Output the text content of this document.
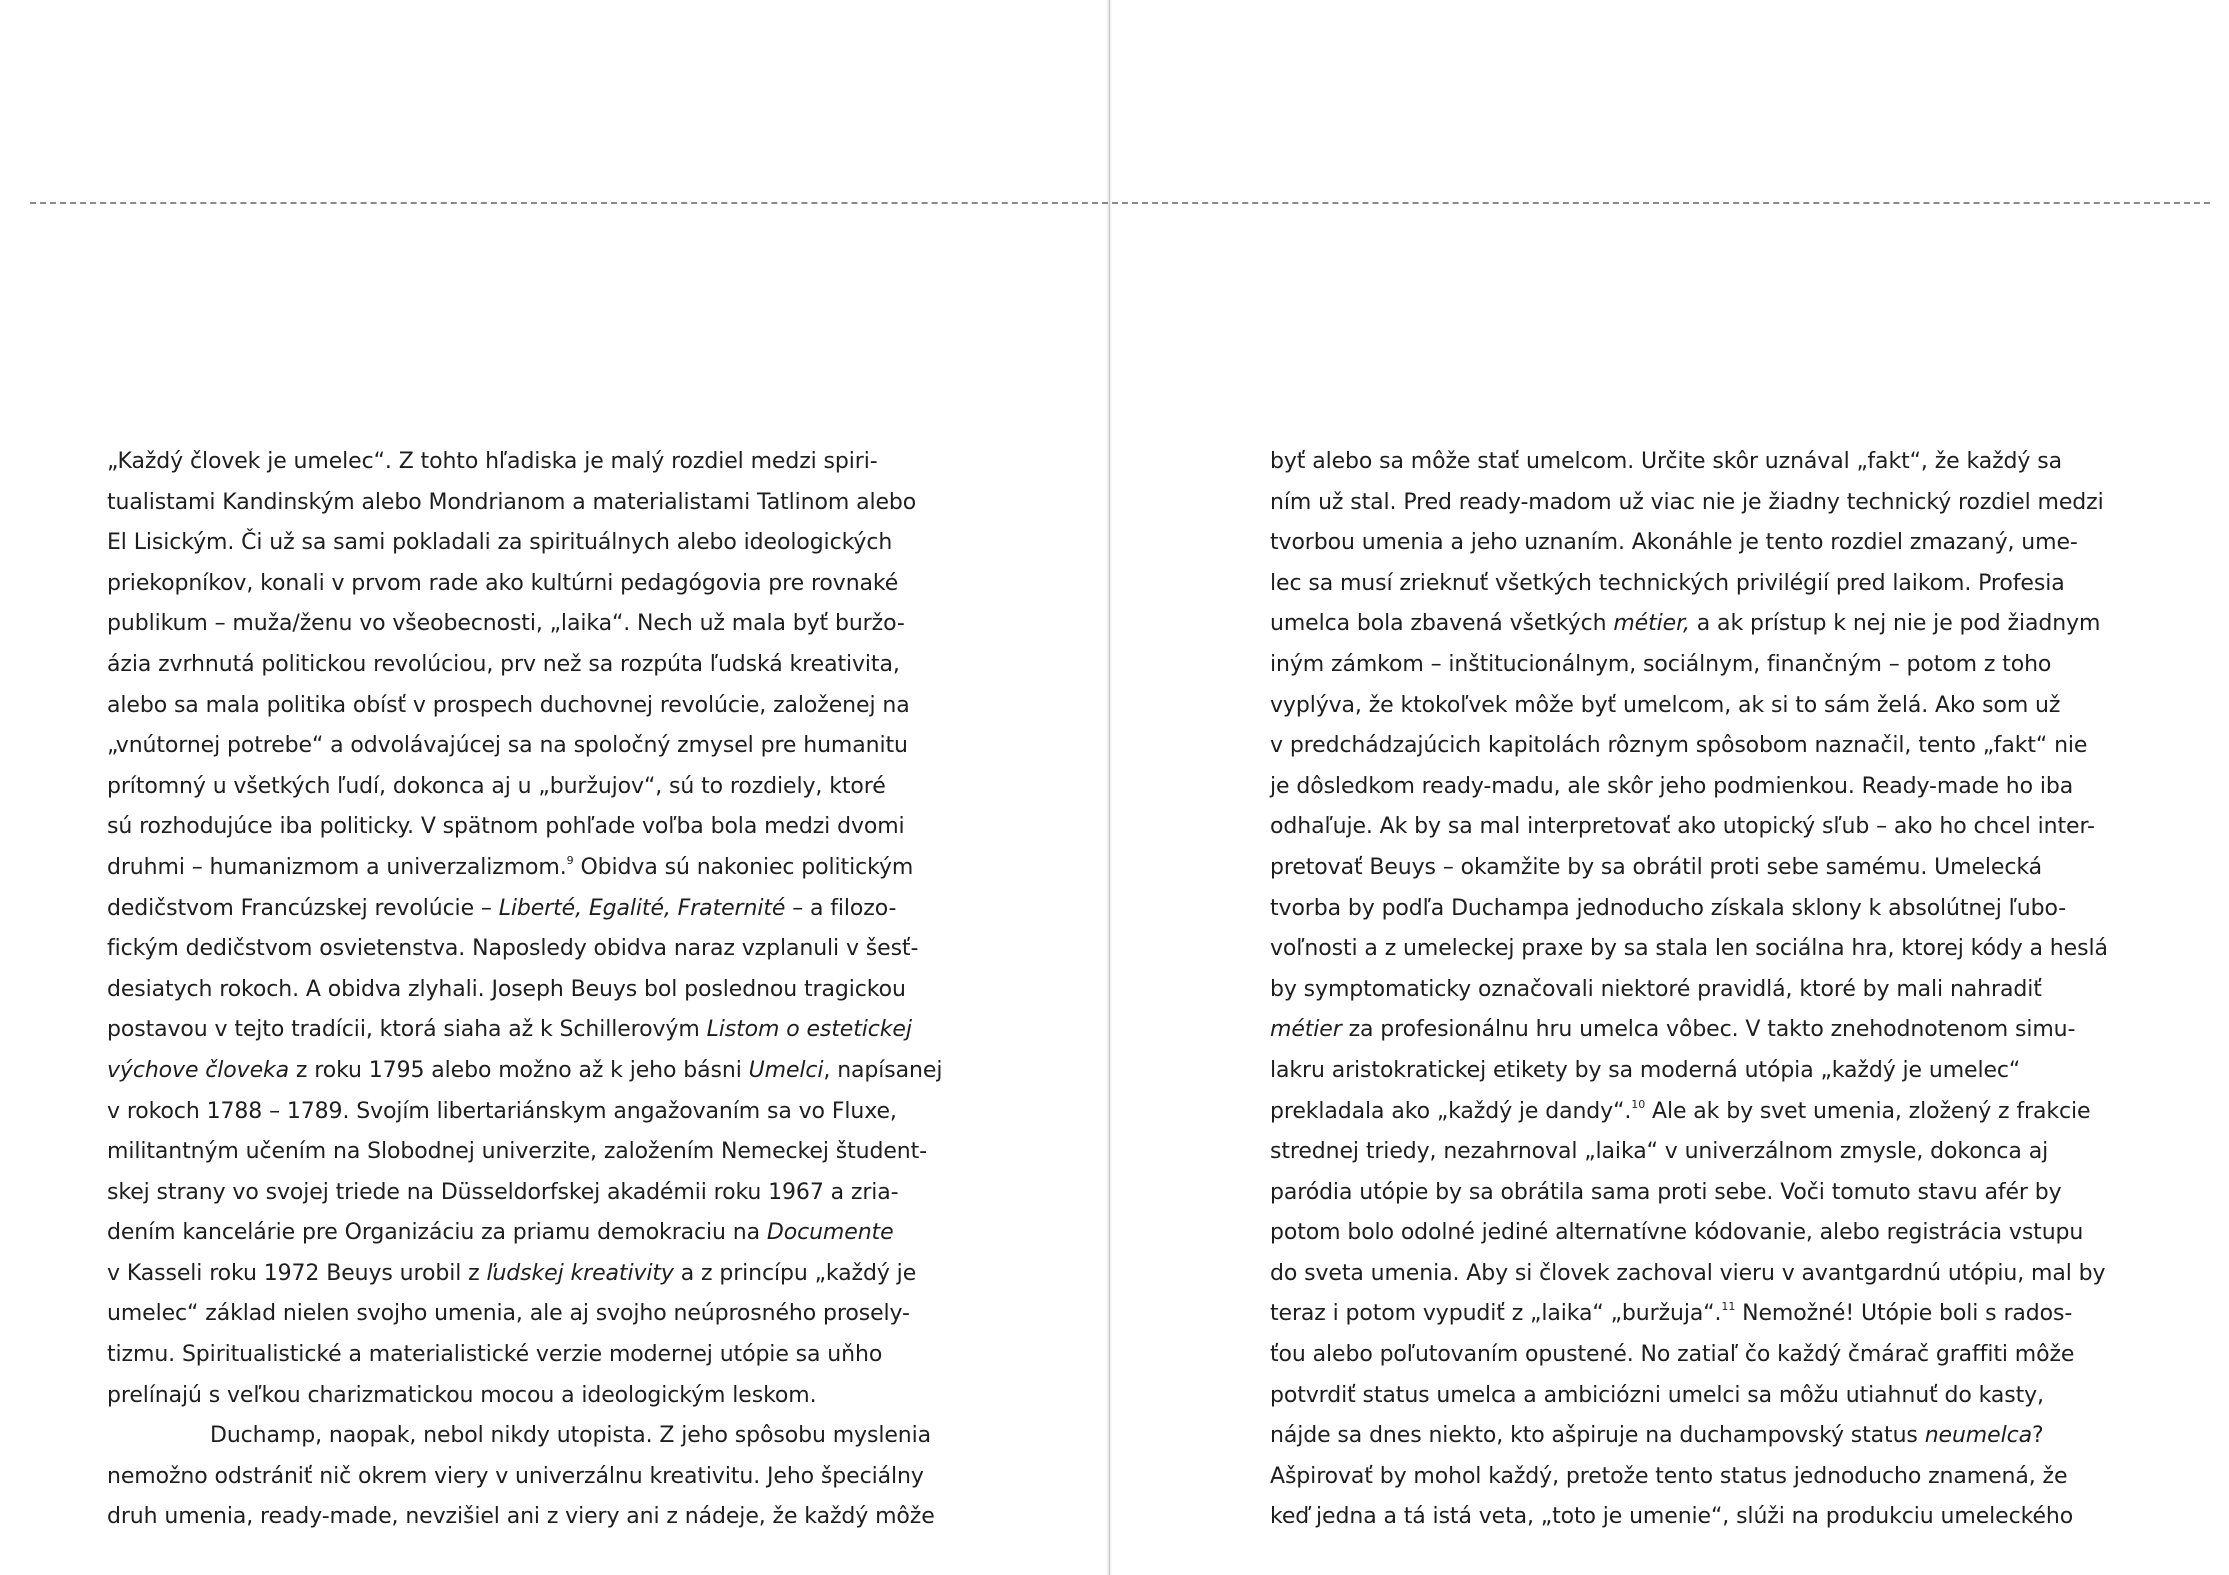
„Každý človek je umelec“. Z tohto hľadiska je malý rozdiel medzi spiri-
tualistami Kandinským alebo Mondrianom a materialistami Tatlinom alebo
El Lisickým. Či už sa sami pokladali za spirituálnych alebo ideologických
priekopníkov, konali v prvom rade ako kultúrni pedagógovia pre rovnaké
publikum – muža/ženu vo všeobecnosti, „laika“. Nech už mala byť buržo-
ázia zvrhnutá politickou revolúciou, prv než sa rozpúta ľudská kreativita,
alebo sa mala politika obísť v prospech duchovnej revolúcie, založenej na
„vnútornej potrebe“ a odvolávajúcej sa na spoločný zmysel pre humanitu
prítomný u všetkých ľudí, dokonca aj u „buržujov“, sú to rozdiely, ktoré
sú rozhodujúce iba politicky. V spätnom pohľade voľba bola medzi dvomi
druhmi – humanizmom a univerzalizmom.$^9$ Obidva sú nakoniec politickým
dedičstvom Francúzskej revolúcie – Liberté, Egalité, Fraternité – a filozo-
fickým dedičstvom osvietenstva. Naposledy obidva naraz vzplanuli v šesť-
desiatych rokoch. A obidva zlyhali. Joseph Beuys bol poslednou tragickou
postavou v tejto tradícii, ktorá siaha až k Schillerovým Listom o estetickej
výchove človeka z roku 1795 alebo možno až k jeho básni Umelci, napísanej
v rokoch 1788 – 1789. Svojím libertariánskym angažovaním sa vo Fluxe,
militantným učením na Slobodnej univerzite, založením Nemeckej študent-
skej strany vo svojej triede na Düsseldorfskej akadémii roku 1967 a zria-
dením kancelárie pre Organizáciu za priamu demokraciu na Documente
v Kasseli roku 1972 Beuys urobil z ľudskej kreativity a z princípu „každý je
umelec“ základ nielen svojho umenia, ale aj svojho neúprosného prosely-
tizmu. Spiritualistické a materialistické verzie modernej utópie sa uňho
prelínajú s veľkou charizmatickou mocou a ideologickým leskom.
Duchamp, naopak, nebol nikdy utopista. Z jeho spôsobu myslenia
nemožno odstrániť nič okrem viery v univerzálnu kreativitu. Jeho špeciálny
druh umenia, ready-made, nevzišiel ani z viery ani z nádeje, že každý môže
byť alebo sa môže stať umelcom. Určite skôr uznával „fakt“, že každý sa
ním už stal. Pred ready-madom už viac nie je žiadny technický rozdiel medzi
tvorbou umenia a jeho uznaním. Akonáhle je tento rozdiel zmazaný, ume-
lec sa musí zrieknuť všetkých technických privilégií pred laikom. Profesia
umelca bola zbavená všetkých métier, a ak prístup k nej nie je pod žiadnym
iným zámkom – inštitucionálnym, sociálnym, finančným – potom z toho
vyplýva, že ktokoľvek môže byť umelcom, ak si to sám želá. Ako som už
v predchádzajúcich kapitolách rôznym spôsobom naznačil, tento „fakt“ nie
je dôsledkom ready-madu, ale skôr jeho podmienkou. Ready-made ho iba
odhaľuje. Ak by sa mal interpretovať ako utopický sľub – ako ho chcel inter-
pretovať Beuys – okamžite by sa obrátil proti sebe samému. Umelecká
tvorba by podľa Duchampa jednoducho získala sklony k absolútnej ľubo-
voľnosti a z umeleckej praxe by sa stala len sociálna hra, ktorej kódy a heslá
by symptomaticky označovali niektoré pravidlá, ktoré by mali nahradiť
métier za profesionálnu hru umelca vôbec. V takto znehodnotenom simu-
lakru aristokratickej etikety by sa moderná utópia „každý je umelec“
prekladala ako „každý je dandy“.$^{10}$ Ale ak by svet umenia, zložený z frakcie
strednej triedy, nezahrnoval „laika“ v univerzálnom zmysle, dokonca aj
paródia utópie by sa obrátila sama proti sebe. Voči tomuto stavu afér by
potom bolo odolné jediné alternatívne kódovanie, alebo registrácia vstupu
do sveta umenia. Aby si človek zachoval vieru v avantgardnú utópiu, mal by
teraz i potom vypudiť z „laika“ „buržuja“.$^{11}$ Nemožné! Utópie boli s rados-
ťou alebo poľutovaním opustené. No zatiaľ čo každý čmárač graffiti môže
potvrdiť status umelca a ambiciózni umelci sa môžu utiahnuť do kasty,
nájde sa dnes niekto, kto ašpiruje na duchampovský status neumelca?
Ašpirovať by mohol každý, pretože tento status jednoducho znamená, že
keď jedna a tá istá veta, „toto je umenie“, slúži na produkciu umeleckého
